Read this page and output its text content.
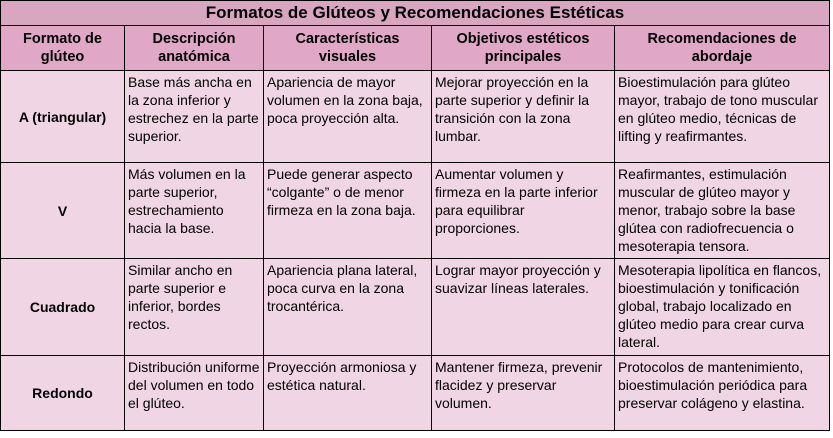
Formatos de Glúteos y Recomendaciones Estéticas				
Formato de glúteo	Descripción anatómica	Características visuales	Objetivos estéticos principales	Recomendaciones de abordaje
A (triangular)	Base más ancha en la zona inferior y estrechez en la parte superior.	Apariencia de mayor volumen en la zona baja, poca proyección alta.	Mejorar proyección en la parte superior y definir la transición con la zona lumbar.	Bioestimulación para glúteo mayor, trabajo de tono muscular en glúteo medio, técnicas de lifting y reafirmantes.
V	Más volumen en la parte superior, estrechamiento hacia la base.	Puede generar aspecto “colgante” o de menor firmeza en la zona baja.	Aumentar volumen y firmeza en la parte inferior para equilibrar proporciones.	Reafirmantes, estimulación muscular de glúteo mayor y menor, trabajo sobre la base glútea con radiofrecuencia o mesoterapia tensora.
Cuadrado	Similar ancho en parte superior e inferior, bordes rectos.	Apariencia plana lateral, poca curva en la zona trocantérica.	Lograr mayor proyección y suavizar líneas laterales.	Mesoterapia lipolítica en flancos, bioestimulación y tonificación global, trabajo localizado en glúteo medio para crear curva lateral.
Redondo	Distribución uniforme del volumen en todo el glúteo.	Proyección armoniosa y estética natural.	Mantener firmeza, prevenir flacidez y preservar volumen.	Protocolos de mantenimiento, bioestimulación periódica para preservar colágeno y elastina.
